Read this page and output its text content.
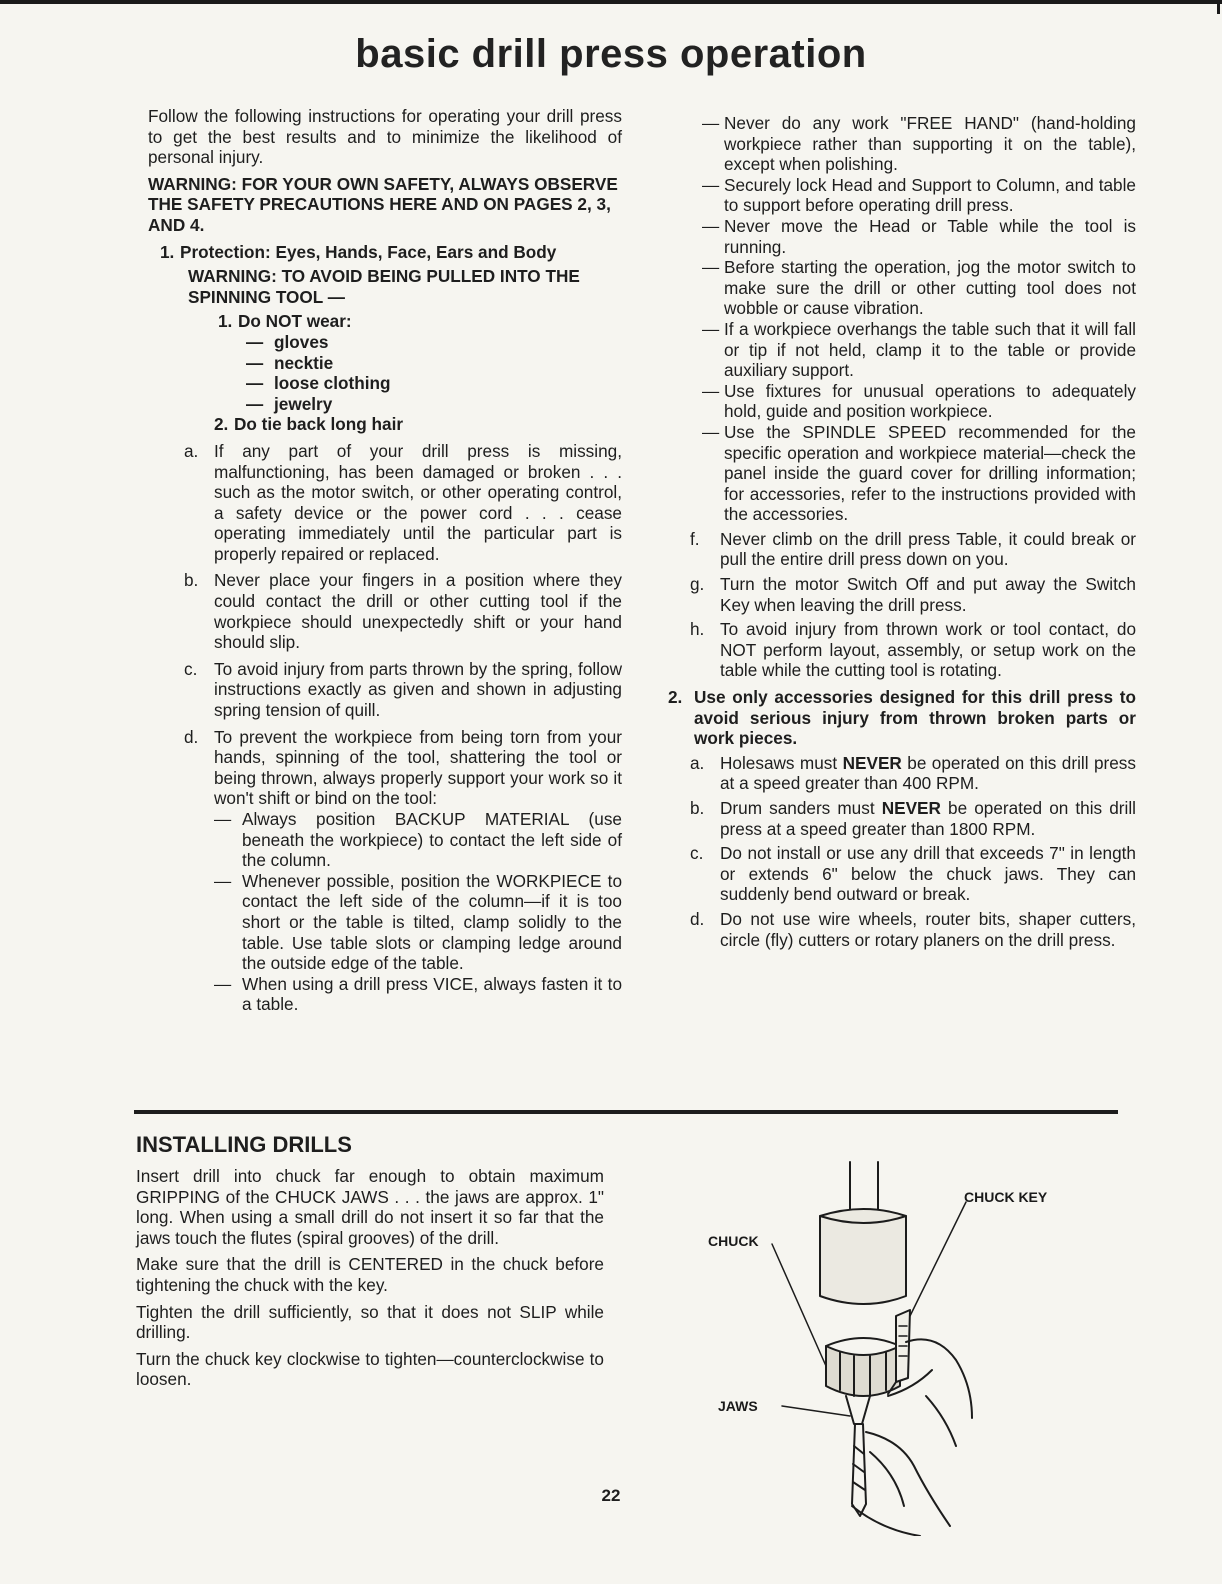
basic drill press operation

Follow the following instructions for operating your drill press to get the best results and to minimize the likelihood of personal injury.

WARNING: FOR YOUR OWN SAFETY, ALWAYS OBSERVE THE SAFETY PRECAUTIONS HERE AND ON PAGES 2, 3, AND 4.

1. Protection: Eyes, Hands, Face, Ears and Body

WARNING: TO AVOID BEING PULLED INTO THE SPINNING TOOL —

1. Do NOT wear:
— gloves
— necktie
— loose clothing
— jewelry
2. Do tie back long hair
a. If any part of your drill press is missing, malfunctioning, has been damaged or broken . . . such as the motor switch, or other operating control, a safety device or the power cord . . . cease operating immediately until the particular part is properly repaired or replaced.
b. Never place your fingers in a position where they could contact the drill or other cutting tool if the workpiece should unexpectedly shift or your hand should slip.
c. To avoid injury from parts thrown by the spring, follow instructions exactly as given and shown in adjusting spring tension of quill.
d. To prevent the workpiece from being torn from your hands, spinning of the tool, shattering the tool or being thrown, always properly support your work so it won't shift or bind on the tool:
— Always position BACKUP MATERIAL (use beneath the workpiece) to contact the left side of the column.
— Whenever possible, position the WORKPIECE to contact the left side of the column—if it is too short or the table is tilted, clamp solidly to the table. Use table slots or clamping ledge around the outside edge of the table.
— When using a drill press VICE, always fasten it to a table.
— Never do any work "FREE HAND" (hand-holding workpiece rather than supporting it on the table), except when polishing.
— Securely lock Head and Support to Column, and table to support before operating drill press.
— Never move the Head or Table while the tool is running.
— Before starting the operation, jog the motor switch to make sure the drill or other cutting tool does not wobble or cause vibration.
— If a workpiece overhangs the table such that it will fall or tip if not held, clamp it to the table or provide auxiliary support.
— Use fixtures for unusual operations to adequately hold, guide and position workpiece.
— Use the SPINDLE SPEED recommended for the specific operation and workpiece material—check the panel inside the guard cover for drilling information; for accessories, refer to the instructions provided with the accessories.
f. Never climb on the drill press Table, it could break or pull the entire drill press down on you.
g. Turn the motor Switch Off and put away the Switch Key when leaving the drill press.
h. To avoid injury from thrown work or tool contact, do NOT perform layout, assembly, or setup work on the table while the cutting tool is rotating.
2. Use only accessories designed for this drill press to avoid serious injury from thrown broken parts or work pieces.
a. Holesaws must NEVER be operated on this drill press at a speed greater than 400 RPM.
b. Drum sanders must NEVER be operated on this drill press at a speed greater than 1800 RPM.
c. Do not install or use any drill that exceeds 7" in length or extends 6" below the chuck jaws. They can suddenly bend outward or break.
d. Do not use wire wheels, router bits, shaper cutters, circle (fly) cutters or rotary planers on the drill press.
INSTALLING DRILLS

Insert drill into chuck far enough to obtain maximum GRIPPING of the CHUCK JAWS . . . the jaws are approx. 1" long. When using a small drill do not insert it so far that the jaws touch the flutes (spiral grooves) of the drill.

Make sure that the drill is CENTERED in the chuck before tightening the chuck with the key.

Tighten the drill sufficiently, so that it does not SLIP while drilling.

Turn the chuck key clockwise to tighten—counterclockwise to loosen.

CHUCK KEY
CHUCK
JAWS
22
